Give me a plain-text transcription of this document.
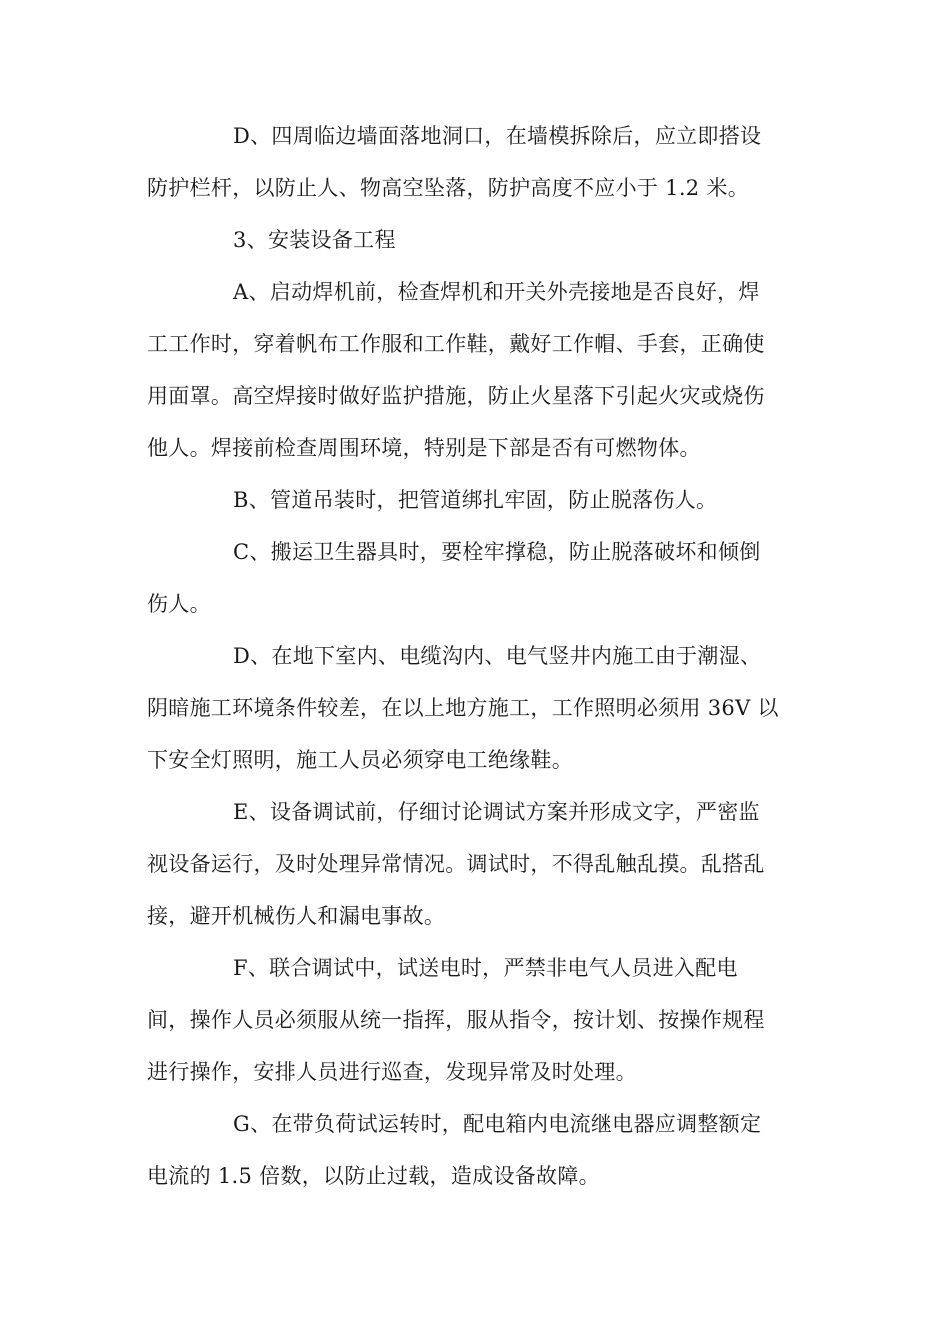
D、四周临边墙面落地洞口，在墙模拆除后，应立即搭设
防护栏杆，以防止人、物高空坠落，防护高度不应小于 1.2 米。
3、安装设备工程
A、启动焊机前，检查焊机和开关外壳接地是否良好，焊
工工作时，穿着帆布工作服和工作鞋，戴好工作帽、手套，正确使
用面罩。高空焊接时做好监护措施，防止火星落下引起火灾或烧伤
他人。焊接前检查周围环境，特别是下部是否有可燃物体。
B、管道吊装时，把管道绑扎牢固，防止脱落伤人。
C、搬运卫生器具时，要栓牢撑稳，防止脱落破坏和倾倒
伤人。
D、在地下室内、电缆沟内、电气竖井内施工由于潮湿、
阴暗施工环境条件较差，在以上地方施工，工作照明必须用 36V 以
下安全灯照明，施工人员必须穿电工绝缘鞋。
E、设备调试前，仔细讨论调试方案并形成文字，严密监
视设备运行，及时处理异常情况。调试时，不得乱触乱摸。乱搭乱
接，避开机械伤人和漏电事故。
F、联合调试中，试送电时，严禁非电气人员进入配电
间，操作人员必须服从统一指挥，服从指令，按计划、按操作规程
进行操作，安排人员进行巡查，发现异常及时处理。
G、在带负荷试运转时，配电箱内电流继电器应调整额定
电流的 1.5 倍数，以防止过载，造成设备故障。
